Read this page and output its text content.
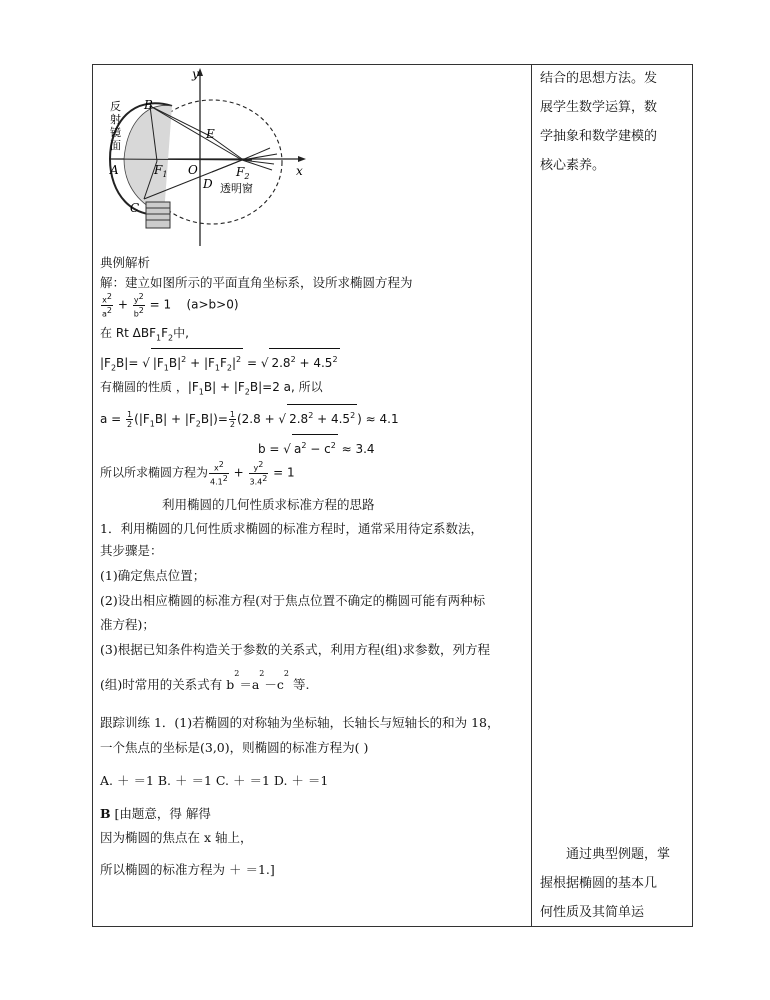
y
x
B
E
A	$F_1$ O
D
$F_2$
C
反
射
镜
面
透明窗
典例解析
解：建立如图所示的平面直角坐标系，设所求椭圆方程为
$\frac{x^2}{a^2} + \frac{y^2}{b^2} = 1$    (a>b>0)
在 Rt $\Delta BF_1F_2$中,
$|F_2B|=$ √ $|F_1B|^2 + |F_1F_2|^2$ = √ $2.8^2 + 4.5^2$
有椭圆的性质 ，$|F_1B| + |F_2B|=2$ a, 所以
$a = \frac{1}{2} (|F_1B| + |F_2B|)= \frac{1}{2} (2.8$ + √ $2.8^2 + 4.5^2$ ) ≈ 4.1
b = √ $a^2 - c^2 \approx 3.4$
所以所求椭圆方程为 $\frac{x^2}{4.1^2} + \frac{y^2}{3.4^2} = 1$
利用椭圆的几何性质求标准方程的思路
1．利用椭圆的几何性质求椭圆的标准方程时，通常采用待定系数法，
其步骤是：
(1)确定焦点位置；
(2)设出相应椭圆的标准方程(对于焦点位置不确定的椭圆可能有两种标
准方程)；
(3)根据已知条件构造关于参数的关系式，利用方程(组)求参数，列方程
(组)时常用的关系式有 $b^2=a^2-c^2$ 等.
跟踪训练 1．(1)若椭圆的对称轴为坐标轴，长轴长与短轴长的和为 18，
一个焦点的坐标是(3,0)，则椭圆的标准方程为( )
A. ＋ ＝1 B. ＋ ＝1 C. ＋ ＝1 D. ＋ ＝1
B [由题意，得 解得
因为椭圆的焦点在 x 轴上，
所以椭圆的标准方程为 ＋ ＝1.]
结合的思想方法。发
展学生数学运算，数
学抽象和数学建模的
核心素养。
　　通过典型例题，掌
握根据椭圆的基本几
何性质及其简单运
